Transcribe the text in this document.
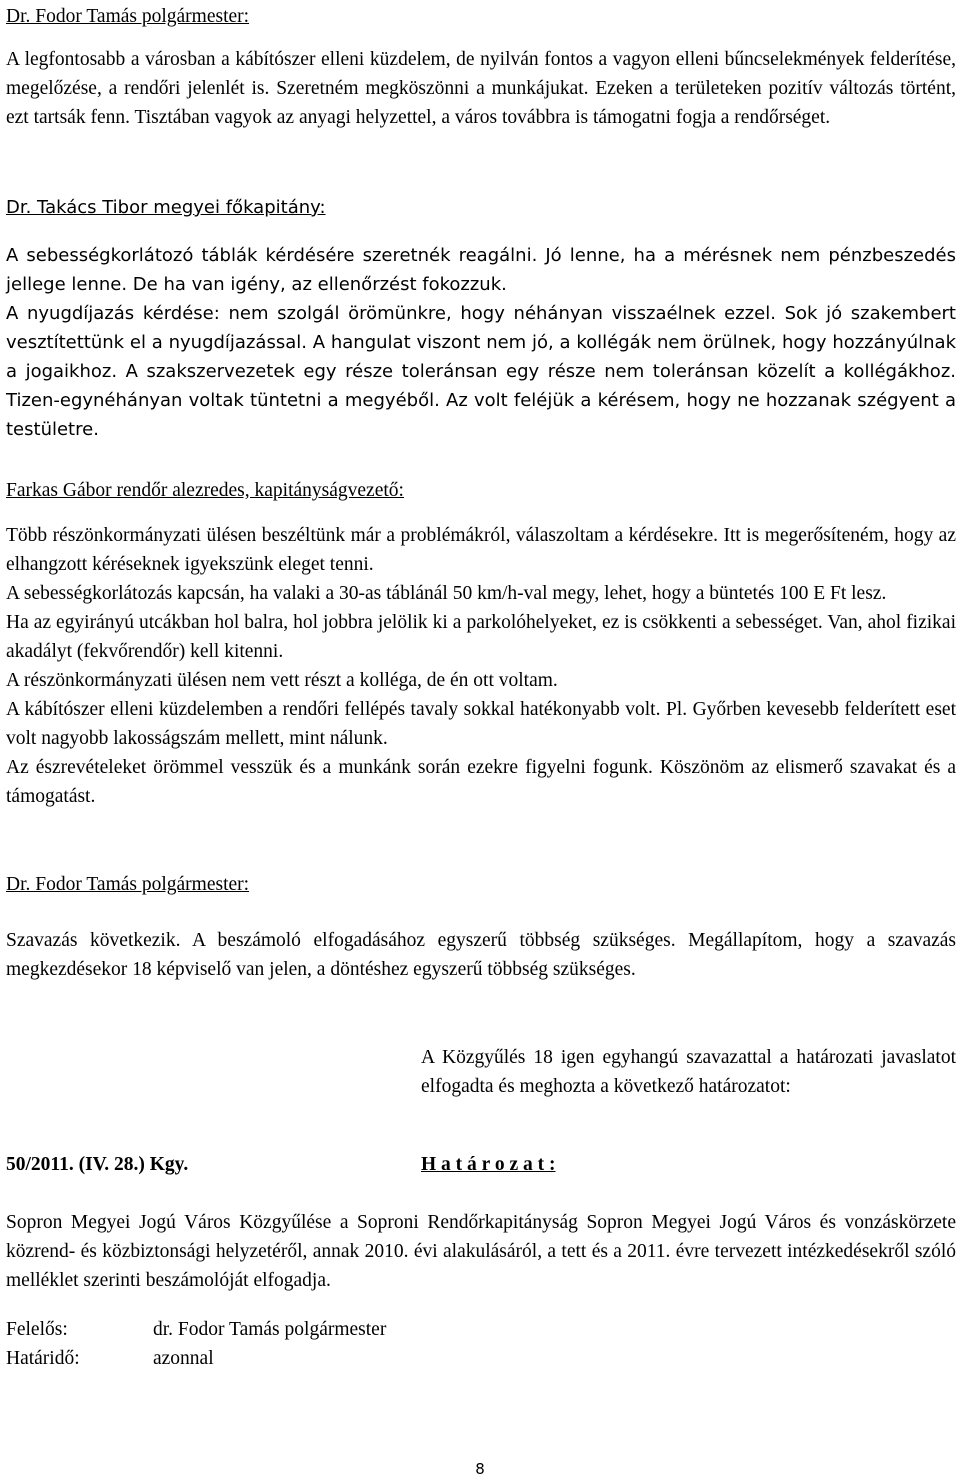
Dr. Fodor Tamás polgármester:

A legfontosabb a városban a kábítószer elleni küzdelem, de nyilván fontos a vagyon elleni bűncselekmények felderítése, megelőzése, a rendőri jelenlét is. Szeretném megköszönni a munkájukat. Ezeken a területeken pozitív változás történt, ezt tartsák fenn. Tisztában vagyok az anyagi helyzettel, a város továbbra is támogatni fogja a rendőrséget.

Dr. Takács Tibor megyei főkapitány:

A sebességkorlátozó táblák kérdésére szeretnék reagálni. Jó lenne, ha a mérésnek nem pénzbeszedés jellege lenne. De ha van igény, az ellenőrzést fokozzuk.

A nyugdíjazás kérdése: nem szolgál örömünkre, hogy néhányan visszaélnek ezzel. Sok jó szakembert vesztítettünk el a nyugdíjazással. A hangulat viszont nem jó, a kollégák nem örülnek, hogy hozzányúlnak a jogaikhoz. A szakszervezetek egy része toleránsan egy része nem toleránsan közelít a kollégákhoz. Tizen-egynéhányan voltak tüntetni a megyéből. Az volt feléjük a kérésem, hogy ne hozzanak szégyent a testületre.

Farkas Gábor rendőr alezredes, kapitányságvezető:

Több részönkormányzati ülésen beszéltünk már a problémákról, válaszoltam a kérdésekre. Itt is megerősíteném, hogy az elhangzott kéréseknek igyekszünk eleget tenni.

A sebességkorlátozás kapcsán, ha valaki a 30-as táblánál 50 km/h-val megy, lehet, hogy a büntetés 100 E Ft lesz.

Ha az egyirányú utcákban hol balra, hol jobbra jelölik ki a parkolóhelyeket, ez is csökkenti a sebességet. Van, ahol fizikai akadályt (fekvőrendőr) kell kitenni.

A részönkormányzati ülésen nem vett részt a kolléga, de én ott voltam.

A kábítószer elleni küzdelemben a rendőri fellépés tavaly sokkal hatékonyabb volt. Pl. Győrben kevesebb felderített eset volt nagyobb lakosságszám mellett, mint nálunk.

Az észrevételeket örömmel vesszük és a munkánk során ezekre figyelni fogunk. Köszönöm az elismerő szavakat és a támogatást.

Dr. Fodor Tamás polgármester:

Szavazás következik. A beszámoló elfogadásához egyszerű többség szükséges. Megállapítom, hogy a szavazás megkezdésekor 18 képviselő van jelen, a döntéshez egyszerű többség szükséges.

A Közgyűlés 18 igen egyhangú szavazattal a határozati javaslatot elfogadta és meghozta a következő határozatot:
50/2011. (IV. 28.) Kgy.	H a t á r o z a t :

Sopron Megyei Jogú Város Közgyűlése a Soproni Rendőrkapitányság Sopron Megyei Jogú Város és vonzáskörzete közrend- és közbiztonsági helyzetéről, annak 2010. évi alakulásáról, a tett és a 2011. évre tervezett intézkedésekről szóló melléklet szerinti beszámolóját elfogadja.

Felelős:	dr. Fodor Tamás polgármester
Határidő:	azonnal
8
